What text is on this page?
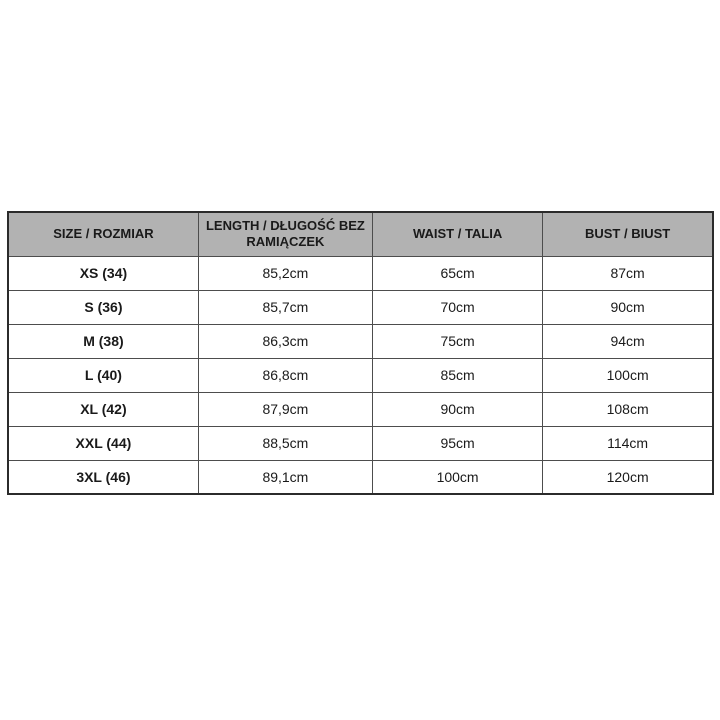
SIZE / ROZMIAR	LENGTH / DŁUGOŚĆ BEZ RAMIĄCZEK	WAIST / TALIA	BUST / BIUST
XS (34)	85,2cm	65cm	87cm
S (36)	85,7cm	70cm	90cm
M (38)	86,3cm	75cm	94cm
L (40)	86,8cm	85cm	100cm
XL (42)	87,9cm	90cm	108cm
XXL (44)	88,5cm	95cm	114cm
3XL (46)	89,1cm	100cm	120cm
